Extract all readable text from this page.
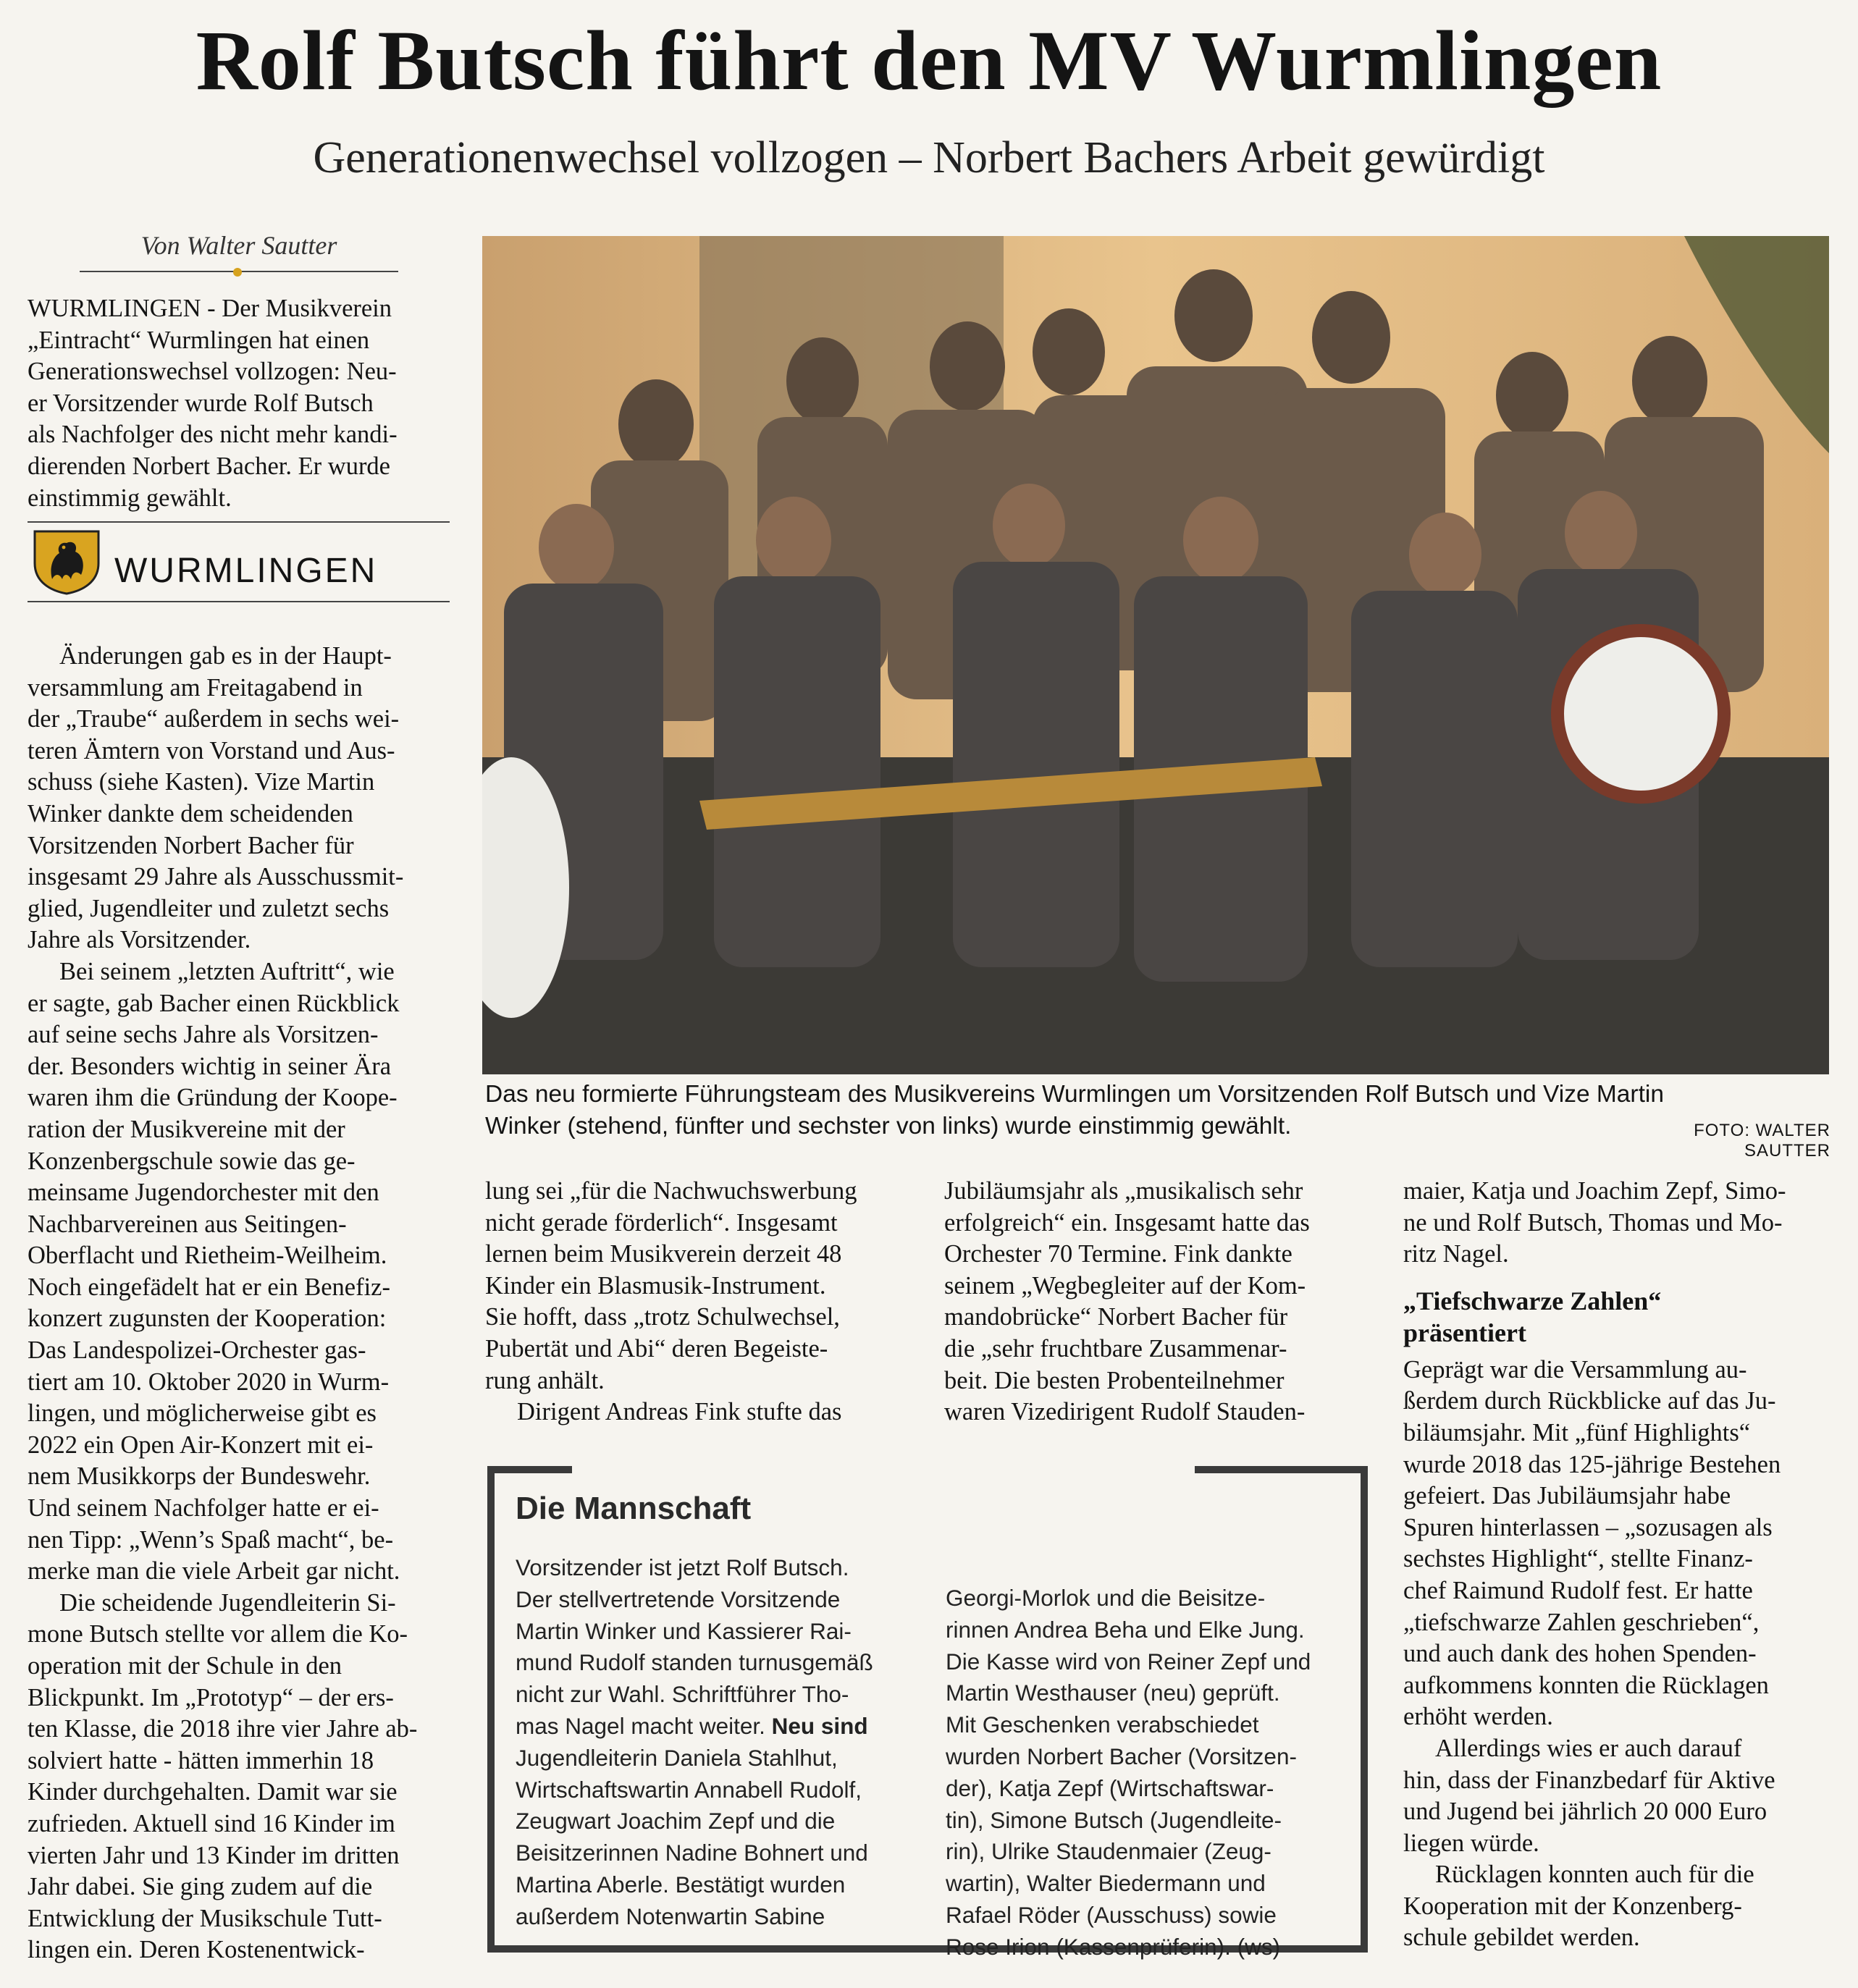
Rolf Butsch führt den MV Wurmlingen
Generationenwechsel vollzogen – Norbert Bachers Arbeit gewürdigt
Von Walter Sautter
WURMLINGEN - Der Musikverein
„Eintracht“ Wurmlingen hat einen
Generationswechsel vollzogen: Neu-
er Vorsitzender wurde Rolf Butsch
als Nachfolger des nicht mehr kandi-
dierenden Norbert Bacher. Er wurde
einstimmig gewählt.
WURMLINGEN

Änderungen gab es in der Haupt-
versammlung am Freitagabend in
der „Traube“ außerdem in sechs wei-
teren Ämtern von Vorstand und Aus-
schuss (siehe Kasten). Vize Martin
Winker dankte dem scheidenden
Vorsitzenden Norbert Bacher für
insgesamt 29 Jahre als Ausschussmit-
glied, Jugendleiter und zuletzt sechs
Jahre als Vorsitzender.

Bei seinem „letzten Auftritt“, wie
er sagte, gab Bacher einen Rückblick
auf seine sechs Jahre als Vorsitzen-
der. Besonders wichtig in seiner Ära
waren ihm die Gründung der Koope-
ration der Musikvereine mit der
Konzenbergschule sowie das ge-
meinsame Jugendorchester mit den
Nachbarvereinen aus Seitingen-
Oberflacht und Rietheim-Weilheim.
Noch eingefädelt hat er ein Benefiz-
konzert zugunsten der Kooperation:
Das Landespolizei-Orchester gas-
tiert am 10. Oktober 2020 in Wurm-
lingen, und möglicherweise gibt es
2022 ein Open Air-Konzert mit ei-
nem Musikkorps der Bundeswehr.
Und seinem Nachfolger hatte er ei-
nen Tipp: „Wenn’s Spaß macht“, be-
merke man die viele Arbeit gar nicht.

Die scheidende Jugendleiterin Si-
mone Butsch stellte vor allem die Ko-
operation mit der Schule in den
Blickpunkt. Im „Prototyp“ – der ers-
ten Klasse, die 2018 ihre vier Jahre ab-
solviert hatte - hätten immerhin 18
Kinder durchgehalten. Damit war sie
zufrieden. Aktuell sind 16 Kinder im
vierten Jahr und 13 Kinder im dritten
Jahr dabei. Sie ging zudem auf die
Entwicklung der Musikschule Tutt-
lingen ein. Deren Kostenentwick-

Das neu formierte Führungsteam des Musikvereins Wurmlingen um Vorsitzenden Rolf Butsch und Vize Martin
Winker (stehend, fünfter und sechster von links) wurde einstimmig gewählt.	FOTO: WALTER SAUTTER

lung sei „für die Nachwuchswerbung
nicht gerade förderlich“. Insgesamt
lernen beim Musikverein derzeit 48
Kinder ein Blasmusik-Instrument.
Sie hofft, dass „trotz Schulwechsel,
Pubertät und Abi“ deren Begeiste-
rung anhält.

Dirigent Andreas Fink stufte das

Jubiläumsjahr als „musikalisch sehr
erfolgreich“ ein. Insgesamt hatte das
Orchester 70 Termine. Fink dankte
seinem „Wegbegleiter auf der Kom-
mandobrücke“ Norbert Bacher für
die „sehr fruchtbare Zusammenar-
beit. Die besten Probenteilnehmer
waren Vizedirigent Rudolf Stauden-

maier, Katja und Joachim Zepf, Simo-
ne und Rolf Butsch, Thomas und Mo-
ritz Nagel.

„Tiefschwarze Zahlen“
präsentiert

Geprägt war die Versammlung au-
ßerdem durch Rückblicke auf das Ju-
biläumsjahr. Mit „fünf Highlights“
wurde 2018 das 125-jährige Bestehen
gefeiert. Das Jubiläumsjahr habe
Spuren hinterlassen – „sozusagen als
sechstes Highlight“, stellte Finanz-
chef Raimund Rudolf fest. Er hatte
„tiefschwarze Zahlen geschrieben“,
und auch dank des hohen Spenden-
aufkommens konnten die Rücklagen
erhöht werden.

Allerdings wies er auch darauf
hin, dass der Finanzbedarf für Aktive
und Jugend bei jährlich 20 000 Euro
liegen würde.

Rücklagen konnten auch für die
Kooperation mit der Konzenberg-
schule gebildet werden.

Die Mannschaft
Vorsitzender ist jetzt Rolf Butsch.
Der stellvertretende Vorsitzende
Martin Winker und Kassierer Rai-
mund Rudolf standen turnusgemäß
nicht zur Wahl. Schriftführer Tho-
mas Nagel macht weiter. Neu sind
Jugendleiterin Daniela Stahlhut,
Wirtschaftswartin Annabell Rudolf,
Zeugwart Joachim Zepf und die
Beisitzerinnen Nadine Bohnert und
Martina Aberle. Bestätigt wurden
außerdem Notenwartin Sabine
Georgi-Morlok und die Beisitze-
rinnen Andrea Beha und Elke Jung.
Die Kasse wird von Reiner Zepf und
Martin Westhauser (neu) geprüft.
Mit Geschenken verabschiedet
wurden Norbert Bacher (Vorsitzen-
der), Katja Zepf (Wirtschaftswar-
tin), Simone Butsch (Jugendleite-
rin), Ulrike Staudenmaier (Zeug-
wartin), Walter Biedermann und
Rafael Röder (Ausschuss) sowie
Rose Irion (Kassenprüferin). (ws)
